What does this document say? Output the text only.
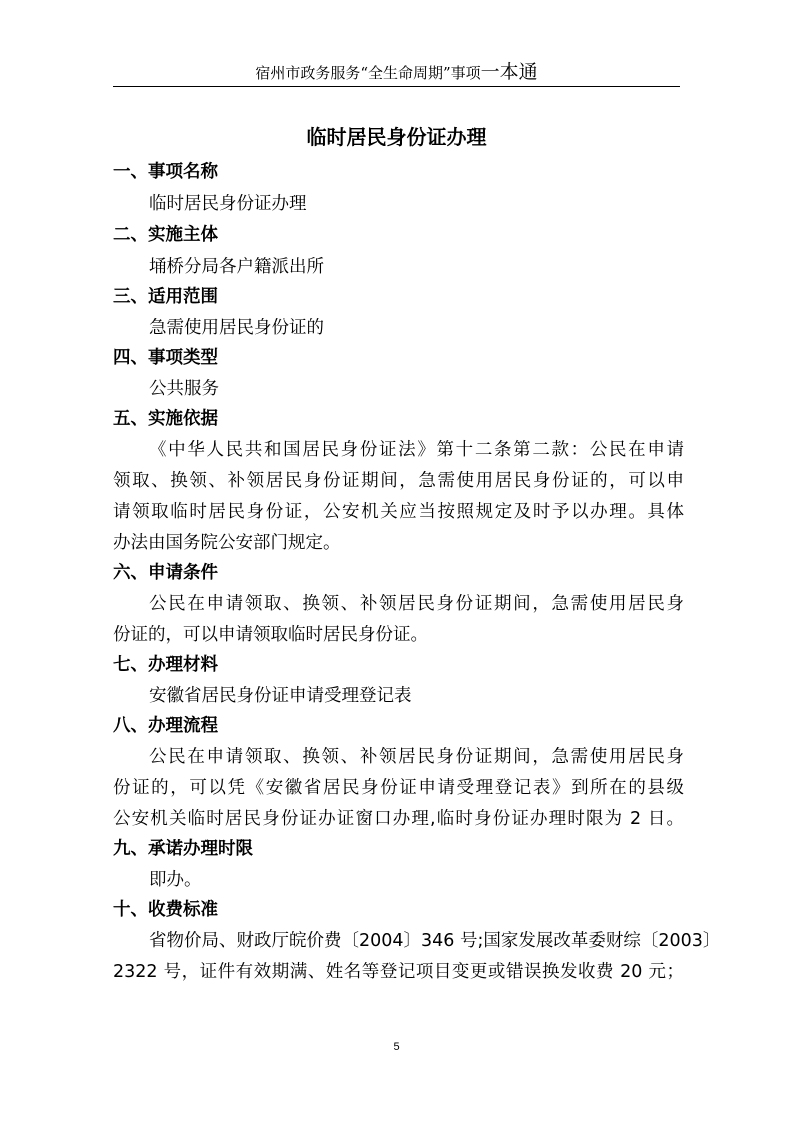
宿州市政务服务“全生命周期”事项一本通
临时居民身份证办理
一、事项名称
临时居民身份证办理
二、实施主体
埇桥分局各户籍派出所
三、适用范围
急需使用居民身份证的
四、事项类型
公共服务
五、实施依据
《中华人民共和国居民身份证法》第十二条第二款：公民在申请
领取、换领、补领居民身份证期间，急需使用居民身份证的，可以申
请领取临时居民身份证，公安机关应当按照规定及时予以办理。具体
办法由国务院公安部门规定。
六、申请条件
公民在申请领取、换领、补领居民身份证期间，急需使用居民身
份证的，可以申请领取临时居民身份证。
七、办理材料
安徽省居民身份证申请受理登记表
八、办理流程
公民在申请领取、换领、补领居民身份证期间，急需使用居民身
份证的，可以凭《安徽省居民身份证申请受理登记表》到所在的县级
公安机关临时居民身份证办证窗口办理,临时身份证办理时限为 2 日。
九、承诺办理时限
即办。
十、收费标准
省物价局、财政厅皖价费〔2004〕346 号;国家发展改革委财综〔2003〕
2322 号，证件有效期满、姓名等登记项目变更或错误换发收费 20 元；
5
